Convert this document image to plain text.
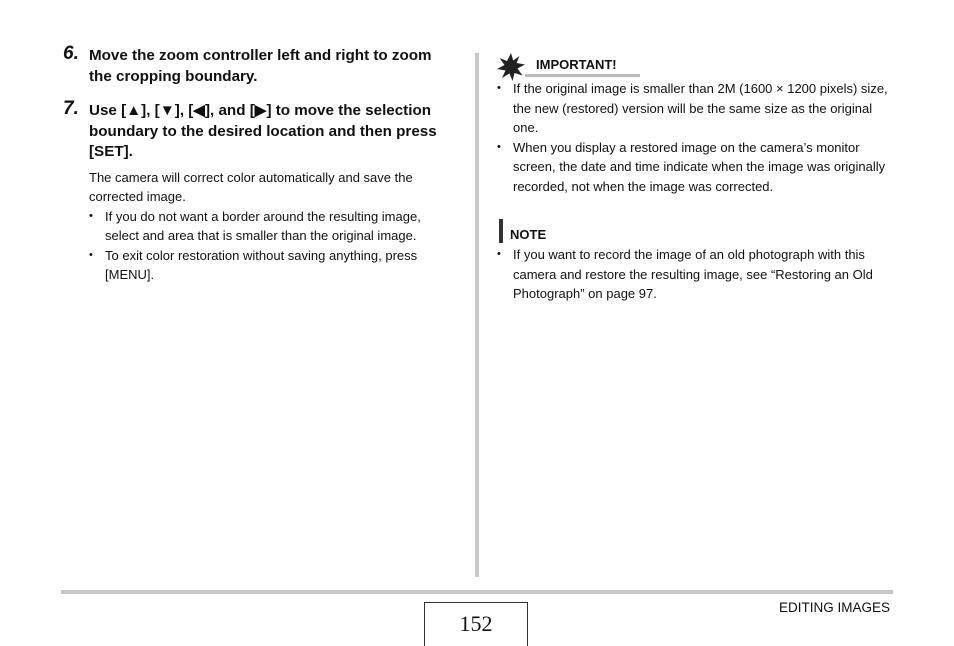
6. Move the zoom controller left and right to zoom the cropping boundary.
7. Use [▲], [▼], [◀], and [▶] to move the selection boundary to the desired location and then press [SET].
The camera will correct color automatically and save the corrected image.
• If you do not want a border around the resulting image, select and area that is smaller than the original image.
• To exit color restoration without saving anything, press [MENU].
IMPORTANT!
• If the original image is smaller than 2M (1600 × 1200 pixels) size, the new (restored) version will be the same size as the original one.
• When you display a restored image on the camera’s monitor screen, the date and time indicate when the image was originally recorded, not when the image was corrected.
NOTE
• If you want to record the image of an old photograph with this camera and restore the resulting image, see “Restoring an Old Photograph” on page 97.
152
EDITING IMAGES
